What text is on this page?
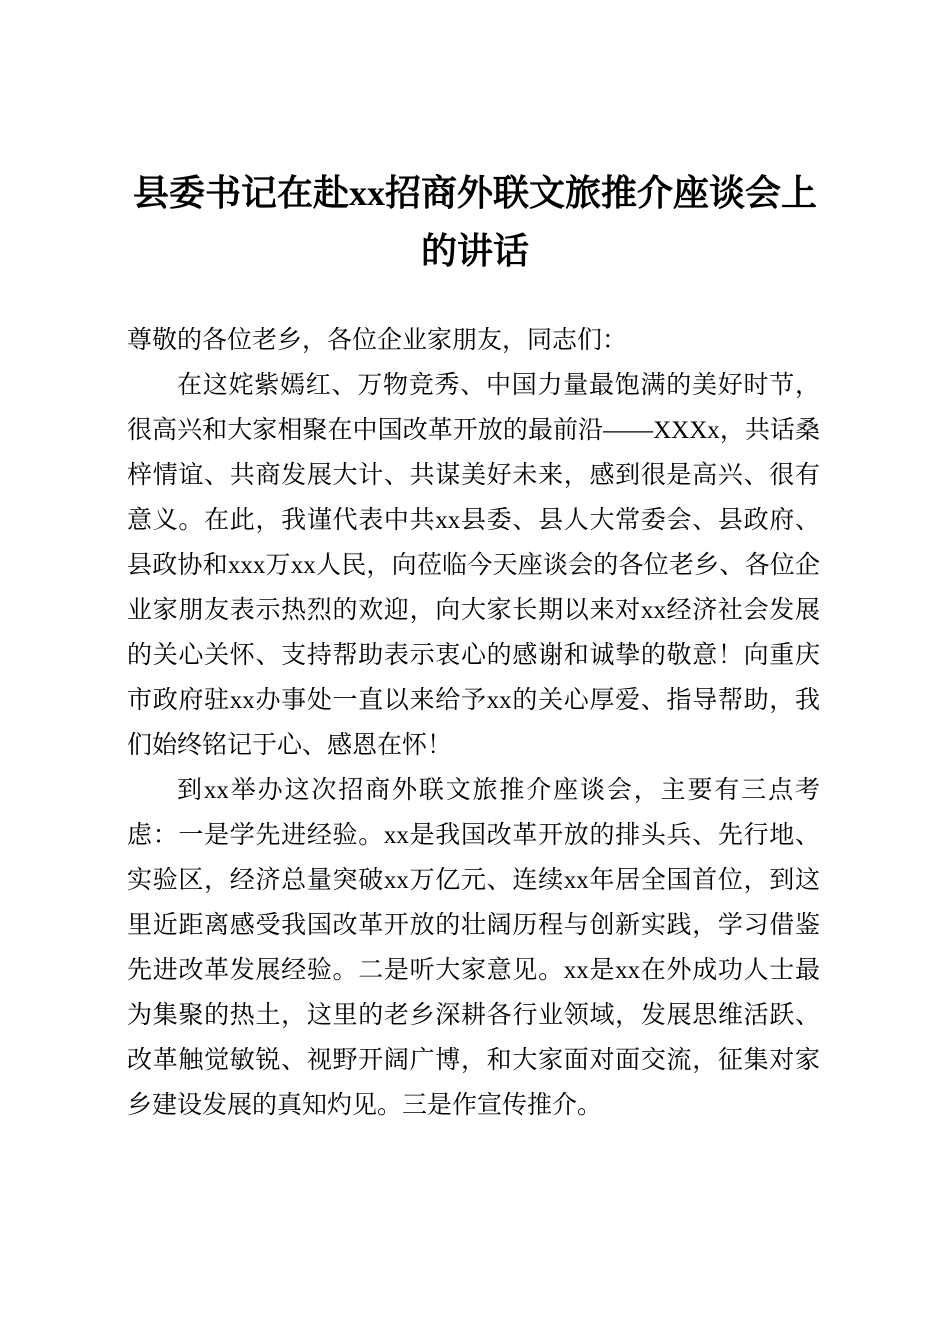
县委书记在赴xx招商外联文旅推介座谈会上
的讲话

尊敬的各位老乡，各位企业家朋友，同志们：

在这姹紫嫣红、万物竞秀、中国力量最饱满的美好时节，很高兴和大家相聚在中国改革开放的最前沿——XXXx，共话桑梓情谊、共商发展大计、共谋美好未来，感到很是高兴、很有意义。在此，我谨代表中共xx县委、县人大常委会、县政府、县政协和xxx万xx人民，向莅临今天座谈会的各位老乡、各位企业家朋友表示热烈的欢迎，向大家长期以来对xx经济社会发展的关心关怀、支持帮助表示衷心的感谢和诚挚的敬意！向重庆市政府驻xx办事处一直以来给予xx的关心厚爱、指导帮助，我们始终铭记于心、感恩在怀！

到xx举办这次招商外联文旅推介座谈会，主要有三点考虑：一是学先进经验。xx是我国改革开放的排头兵、先行地、实验区，经济总量突破xx万亿元、连续xx年居全国首位，到这里近距离感受我国改革开放的壮阔历程与创新实践，学习借鉴先进改革发展经验。二是听大家意见。xx是xx在外成功人士最为集聚的热土，这里的老乡深耕各行业领域，发展思维活跃、改革触觉敏锐、视野开阔广博，和大家面对面交流，征集对家乡建设发展的真知灼见。三是作宣传推介。
